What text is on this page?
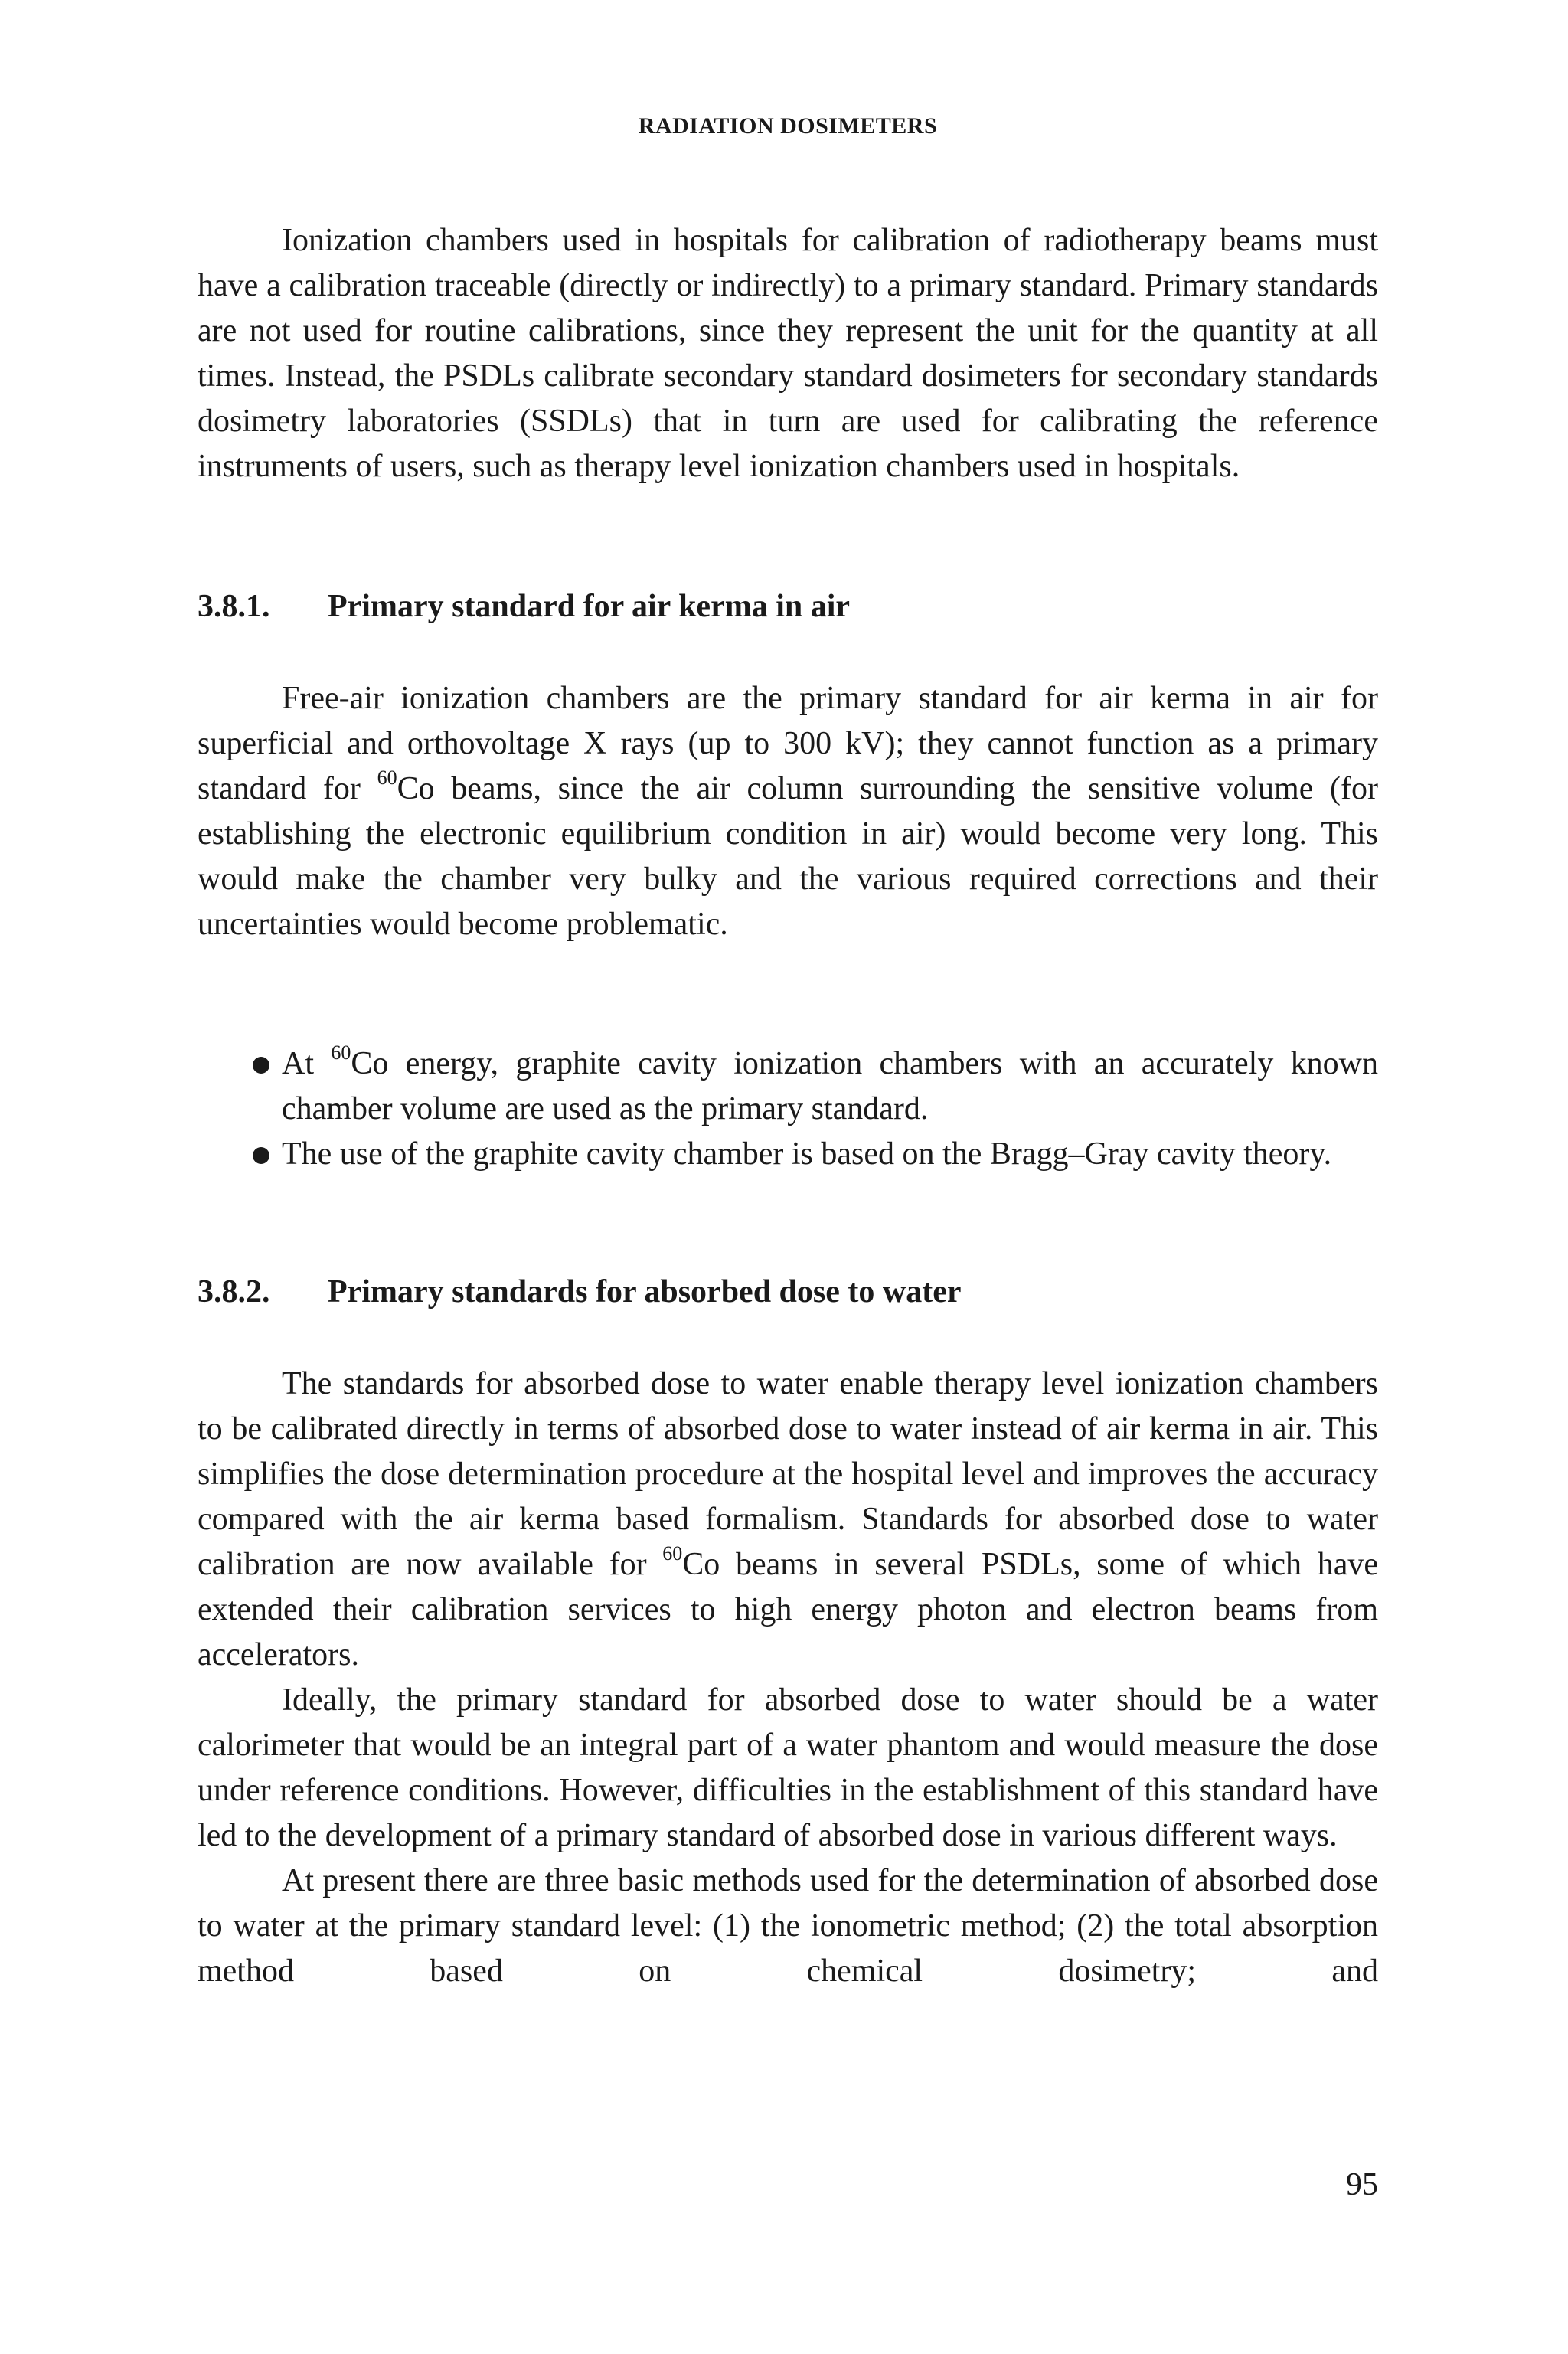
RADIATION DOSIMETERS

Ionization chambers used in hospitals for calibration of radiotherapy beams must have a calibration traceable (directly or indirectly) to a primary standard. Primary standards are not used for routine calibrations, since they represent the unit for the quantity at all times. Instead, the PSDLs calibrate secondary standard dosimeters for secondary standards dosimetry laboratories (SSDLs) that in turn are used for calibrating the reference instruments of users, such as therapy level ionization chambers used in hospitals.

3.8.1. Primary standard for air kerma in air

Free-air ionization chambers are the primary standard for air kerma in air for superficial and orthovoltage X rays (up to 300 kV); they cannot function as a primary standard for $^{60}$Co beams, since the air column surrounding the sensitive volume (for establishing the electronic equilibrium condition in air) would become very long. This would make the chamber very bulky and the various required corrections and their uncertainties would become problematic.

At $^{60}$Co energy, graphite cavity ionization chambers with an accurately known chamber volume are used as the primary standard.
The use of the graphite cavity chamber is based on the Bragg–Gray cavity theory.
3.8.2. Primary standards for absorbed dose to water

The standards for absorbed dose to water enable therapy level ionization chambers to be calibrated directly in terms of absorbed dose to water instead of air kerma in air. This simplifies the dose determination procedure at the hospital level and improves the accuracy compared with the air kerma based formalism. Standards for absorbed dose to water calibration are now available for $^{60}$Co beams in several PSDLs, some of which have extended their calibration services to high energy photon and electron beams from accelerators.

Ideally, the primary standard for absorbed dose to water should be a water calorimeter that would be an integral part of a water phantom and would measure the dose under reference conditions. However, difficulties in the establishment of this standard have led to the development of a primary standard of absorbed dose in various different ways.

At present there are three basic methods used for the determination of absorbed dose to water at the primary standard level: (1) the ionometric method; (2) the total absorption method based on chemical dosimetry; and

95
